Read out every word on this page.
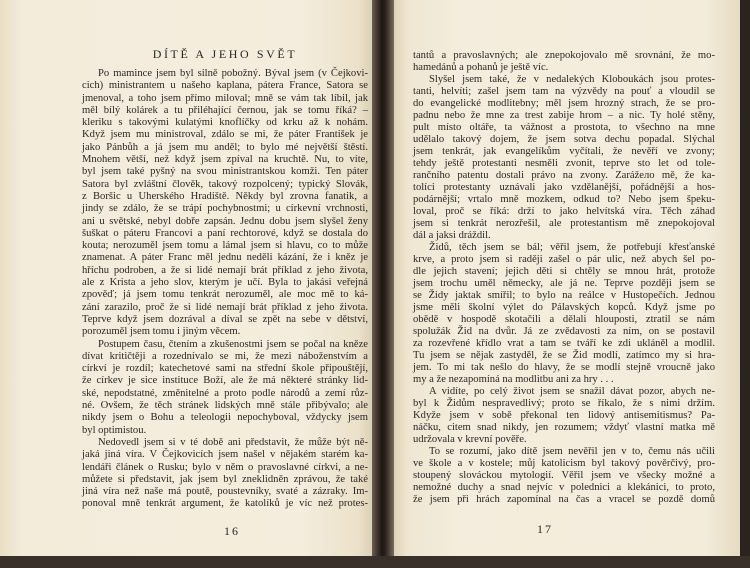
DÍTĚ A JEHO SVĚT
Po mamince jsem byl silně pobožný. Býval jsem (v Čejkovi-
cich) ministrantem u našeho kaplana, pátera France, Satora se
jmenoval, a toho jsem přímo miloval; mně se vám tak líbil, jak
měl bílý kolárek a tu přiléhající černou, jak se tomu říká? –
kleriku s takovými kulatými knoflíčky od krku až k nohám.
Když jsem mu ministroval, zdálo se mi, že páter František je
jako Pánbůh a já jsem mu anděl; to bylo mé největší štěstí.
Mnohem větší, než když jsem zpíval na kruchtě. Nu, to víte,
byl jsem také pyšný na svou ministrantskou komži. Ten páter
Satora byl zvláštní člověk, takový rozpolcený; typický Slovák,
z Boršic u Uherského Hradiště. Někdy byl zrovna fanatik, a
jindy se zdálo, že se trápí pochybnostmi; u církevní vrchnosti,
ani u světské, nebyl dobře zapsán. Jednu dobu jsem slyšel ženy
šuškat o páteru Francovi a paní rechtorové, když se dostala do
kouta; nerozuměl jsem tomu a lámal jsem si hlavu, co to může
znamenat. A páter Franc měl jednu neděli kázání, že i kněz je
hříchu podroben, a že si lidé nemají brát příklad z jeho života,
ale z Krista a jeho slov, kterým je učí. Byla to jakási veřejná
zpověď; já jsem tomu tenkrát nerozuměl, ale moc mě to ká-
zání zarazilo, proč že si lidé nemají brát příklad z jeho života.
Teprve když jsem dozrával a díval se zpět na sebe v dětství,
porozuměl jsem tomu i jiným věcem.
Postupem času, čtením a zkušenostmi jsem se počal na kněze
dívat kritičtěji a rozednívalo se mi, že mezi náboženstvím a
církví je rozdíl; katechetové sami na střední škole připouštějí,
že církev je sice instituce Boží, ale že má některé stránky lid-
ské, nepodstatné, změnitelné a proto podle národů a zemí růz-
né. Ovšem, že těch stránek lidských mně stále přibývalo; ale
nikdy jsem o Bohu a teleologii nepochyboval, vždycky jsem
byl optimistou.
Nedovedl jsem si v té době ani představit, že může být ně-
jaká jiná víra. V Čejkovicích jsem našel v nějakém starém ka-
lendáři článek o Rusku; bylo v něm o pravoslavné církvi, a ne-
můžete si představit, jak jsem byl zneklidněn zprávou, že také
jiná víra než naše má poutě, poustevníky, svaté a zázraky. Im-
ponoval mně tenkrát argument, že katolíků je víc než protes-
tantů a pravoslavných; ale znepokojovalo mě srovnání, že mo-
hamedánů a pohanů je ještě víc.
Slyšel jsem také, že v nedalekých Kloboukách jsou protes-
tanti, helvíti; zašel jsem tam na výzvědy na pouť a vloudil se
do evangelické modlitebny; měl jsem hrozný strach, že se pro-
padnu nebo že mne za trest zabije hrom – a nic. Ty holé stěny,
pult místo oltáře, ta vážnost a prostota, to všechno na mne
udělalo takový dojem, že jsem sotva dechu popadal. Slýchal
jsem tenkrát, jak evangelíkům vyčítali, že nevěří ve zvony;
tehdy ještě protestanti nesměli zvonit, teprve sto let od tole-
rančního patentu dostali právo na zvony. Zarážело mě, že ka-
tolíci protestanty uznávali jako vzdělanější, pořádnější a hos-
podárnější; vrtalo mně mozkem, odkud to? Nebo jsem špeku-
loval, proč se říká: drží to jako helvítská víra. Těch záhad
jsem si tenkrát nerozřešil, ale protestantism mě znepokojoval
dál a jaksi dráždil.
Židů, těch jsem se bál; věřil jsem, že potřebují křesťanské
krve, a proto jsem si raději zašel o pár ulic, než abych šel po-
dle jejich stavení; jejich děti si chtěly se mnou hrát, protože
jsem trochu uměl německy, ale já ne. Teprve později jsem se
se Židy jaktak smířil; to bylo na reálce v Hustopečích. Jednou
jsme měli školní výlet do Pálavských kopců. Když jsme po
obědě v hospodě skotačili a dělali hlouposti, ztratil se nám
spolužák Žid na dvůr. Já ze zvědavosti za ním, on se postavil
za rozevřené křídlo vrat a tam se tváří ke zdi ukláněl a modlil.
Tu jsem se nějak zastyděl, že se Žid modlí, zatímco my si hra-
jem. To mi tak nešlo do hlavy, že se modlí stejně vroucně jako
my a že nezapomíná na modlitbu ani za hry . . .
A vidíte, po celý život jsem se snažil dávat pozor, abych ne-
byl k Židům nespravedlivý; proto se říkalo, že s nimi držím.
Kdyžе jsem v sobě překonal ten lidový antisemitismus? Pa-
náčku, citem snad nikdy, jen rozumem; vždyť vlastní matka mě
udržovala v krevní pověře.
To se rozumí, jako dítě jsem nevěřil jen v to, čemu nás učili
ve škole a v kostele; můj katolicism byl takový pověrčivý, pro-
stoupený slováckou mytologií. Věřil jsem ve všecky možné a
nemožné duchy a snad nejvíc v polednici a klekánici, to proto,
že jsem při hrách zapomínal na čas a vracel se pozdě domů
16	17
